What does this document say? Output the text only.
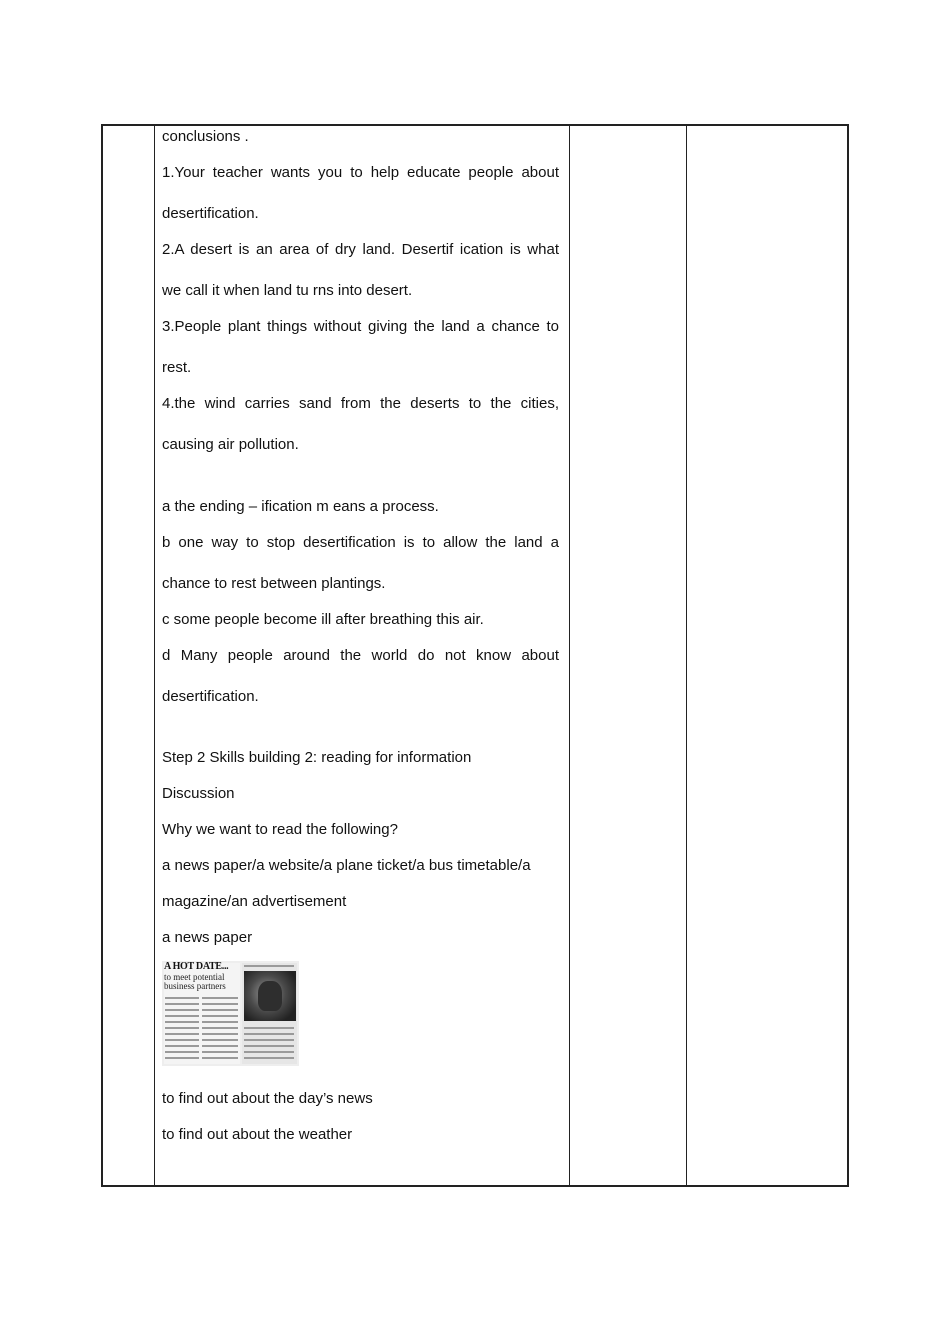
conclusions .
1.Your teacher wants you to help educate people about
desertification.
2.A desert is an area of dry land. Desertif ication is what
we call it when land tu rns into desert.
3.People plant things without giving the land a chance to
rest.
4.the wind carries sand from the deserts to the cities,
causing air pollution.
a the ending – ification m eans a process.
b one way to stop desertification is to allow the land a
chance to rest between plantings.
c some people become ill after breathing this air.
d Many people around the world do not know about
desertification.
Step 2 Skills building 2: reading for information
Discussion
Why we want to read the following?
a news paper/a website/a plane ticket/a bus timetable/a
magazine/an advertisement
a news paper
to find out about the day’s news
to find out about the weather
A HOT DATE...
to meet potential business partners
